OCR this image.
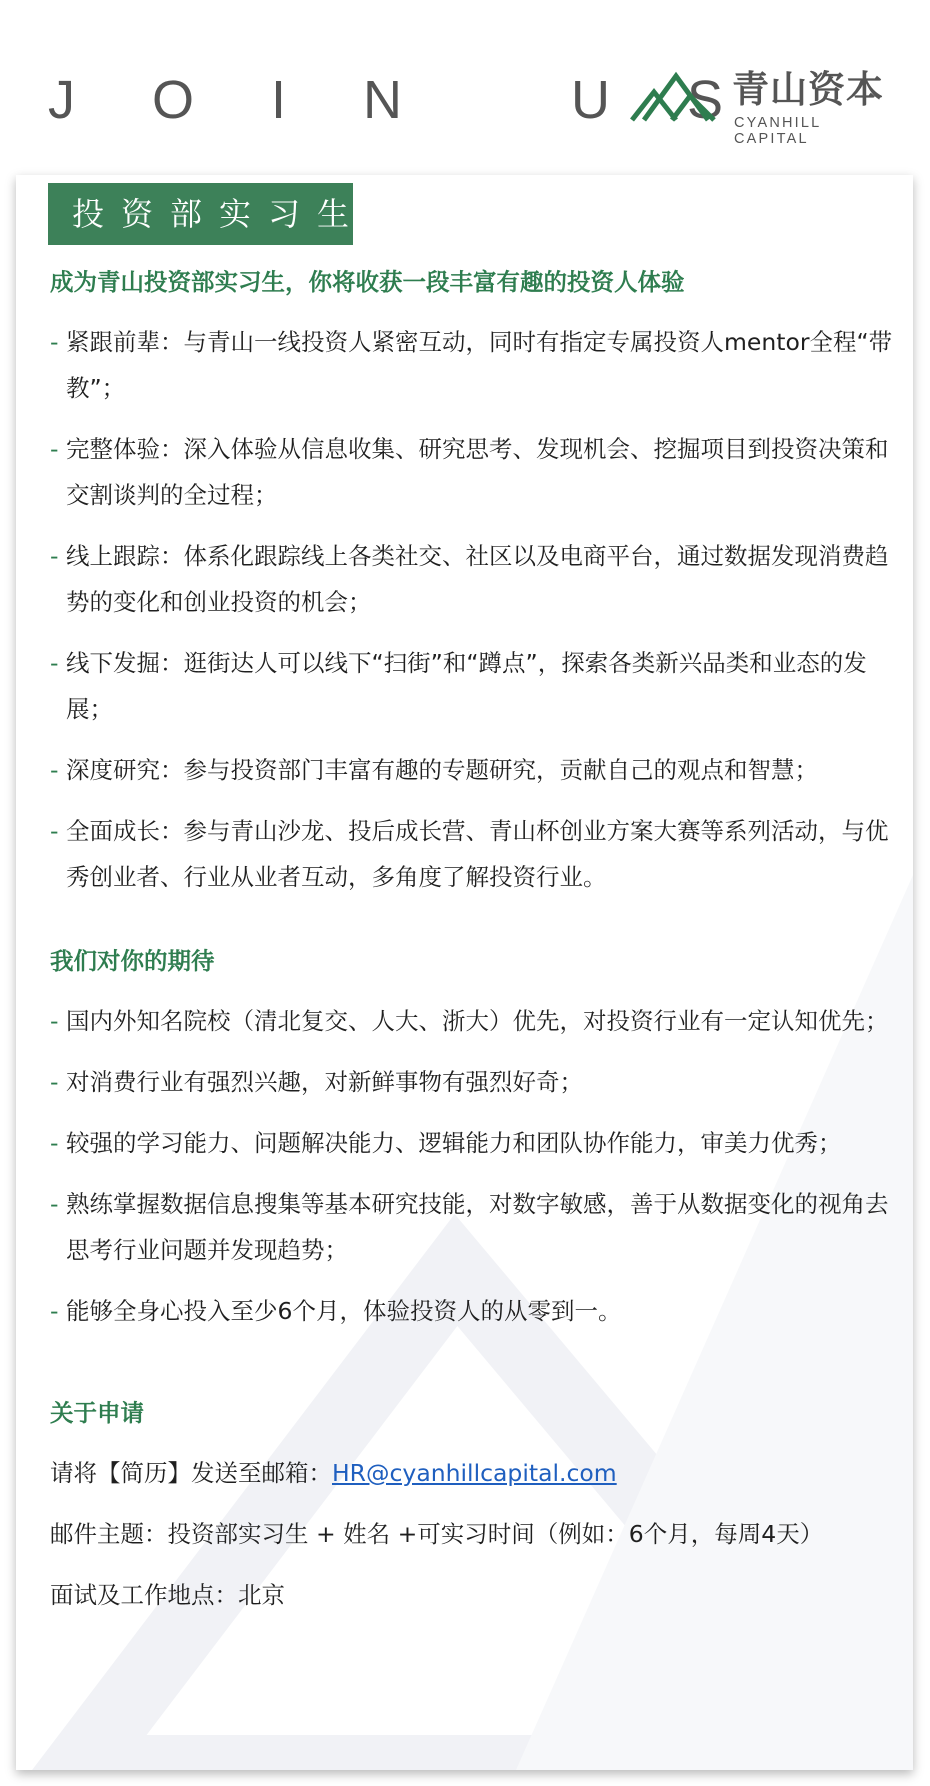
J O I N   U S
青山资本
CYANHILL CAPITAL
投资部实习生
成为青山投资部实习生，你将收获一段丰富有趣的投资人体验
- 紧跟前辈：与青山一线投资人紧密互动，同时有指定专属投资人mentor全程“带教”；
- 完整体验：深入体验从信息收集、研究思考、发现机会、挖掘项目到投资决策和交割谈判的全过程；
- 线上跟踪：体系化跟踪线上各类社交、社区以及电商平台，通过数据发现消费趋势的变化和创业投资的机会；
- 线下发掘：逛街达人可以线下“扫街”和“蹲点”，探索各类新兴品类和业态的发展；
- 深度研究：参与投资部门丰富有趣的专题研究，贡献自己的观点和智慧；
- 全面成长：参与青山沙龙、投后成长营、青山杯创业方案大赛等系列活动，与优秀创业者、行业从业者互动，多角度了解投资行业。
我们对你的期待
- 国内外知名院校（清北复交、人大、浙大）优先，对投资行业有一定认知优先；
- 对消费行业有强烈兴趣，对新鲜事物有强烈好奇；
- 较强的学习能力、问题解决能力、逻辑能力和团队协作能力，审美力优秀；
- 熟练掌握数据信息搜集等基本研究技能，对数字敏感，善于从数据变化的视角去思考行业问题并发现趋势；
- 能够全身心投入至少6个月，体验投资人的从零到一。
关于申请
请将【简历】发送至邮箱：HR@cyanhillcapital.com
邮件主题：投资部实习生 + 姓名 +可实习时间（例如：6个月，每周4天）
面试及工作地点：北京
